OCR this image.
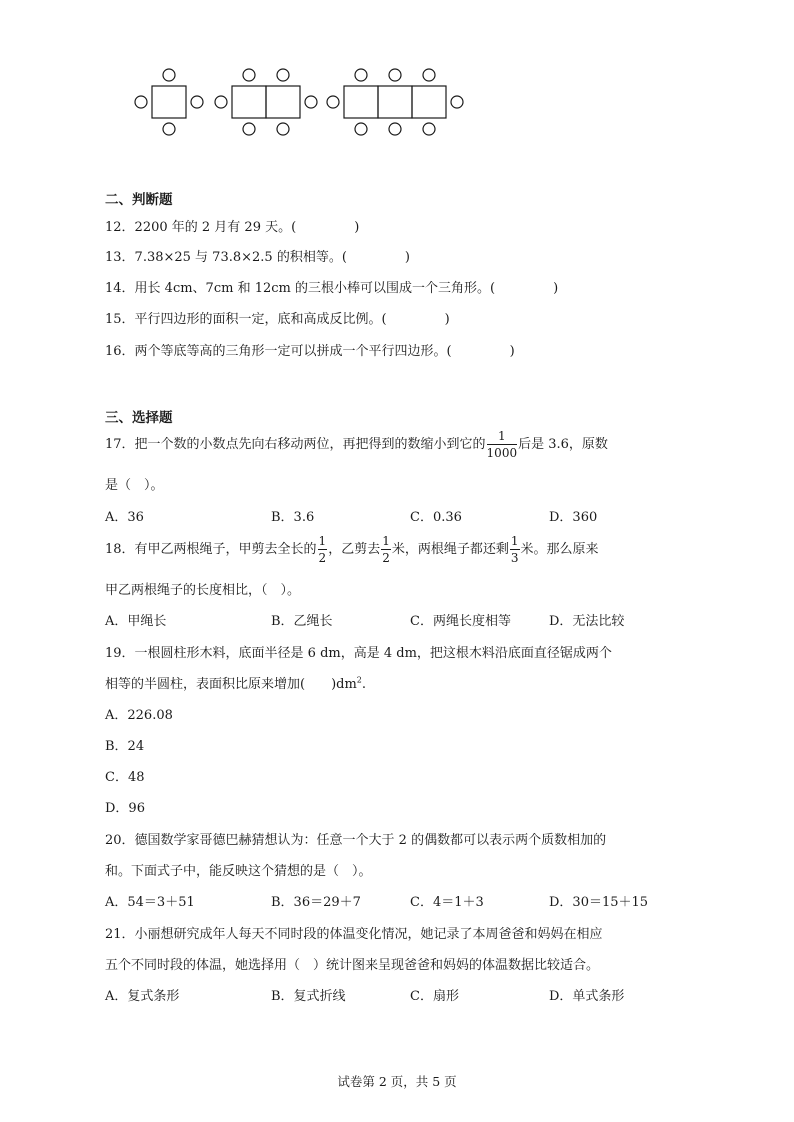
二、判断题
12．2200 年的 2 月有 29 天。(	)
13．7.38×25 与 73.8×2.5 的积相等。(	)
14．用长 4cm、7cm 和 12cm 的三根小棒可以围成一个三角形。(	)
15．平行四边形的面积一定，底和高成反比例。(	)
16．两个等底等高的三角形一定可以拼成一个平行四边形。(	)
三、选择题
17．把一个数的小数点先向右移动两位，再把得到的数缩小到它的 $\frac{1}{1000}$ 后是 3.6，原数
是（　）。
A．36	B．3.6	C．0.36	D．360
18．有甲乙两根绳子，甲剪去全长的 $\frac{1}{2}$ ，乙剪去 $\frac{1}{2}$ 米，两根绳子都还剩 $\frac{1}{3}$ 米。那么原来
甲乙两根绳子的长度相比，（　）。
A．甲绳长	B．乙绳长	C．两绳长度相等	D．无法比较
19．一根圆柱形木料，底面半径是 6 dm，高是 4 dm，把这根木料沿底面直径锯成两个
相等的半圆柱，表面积比原来增加(　　)$dm^2$.
A．226.08
B．24
C．48
D．96
20．德国数学家哥德巴赫猜想认为：任意一个大于 2 的偶数都可以表示两个质数相加的
和。下面式子中，能反映这个猜想的是（　）。
A．54＝3＋51	B．36＝29＋7	C．4＝1＋3	D．30＝15＋15
21．小丽想研究成年人每天不同时段的体温变化情况，她记录了本周爸爸和妈妈在相应
五个不同时段的体温，她选择用（　）统计图来呈现爸爸和妈妈的体温数据比较适合。
A．复式条形	B．复式折线	C．扇形	D．单式条形
试卷第 2 页，共 5 页
